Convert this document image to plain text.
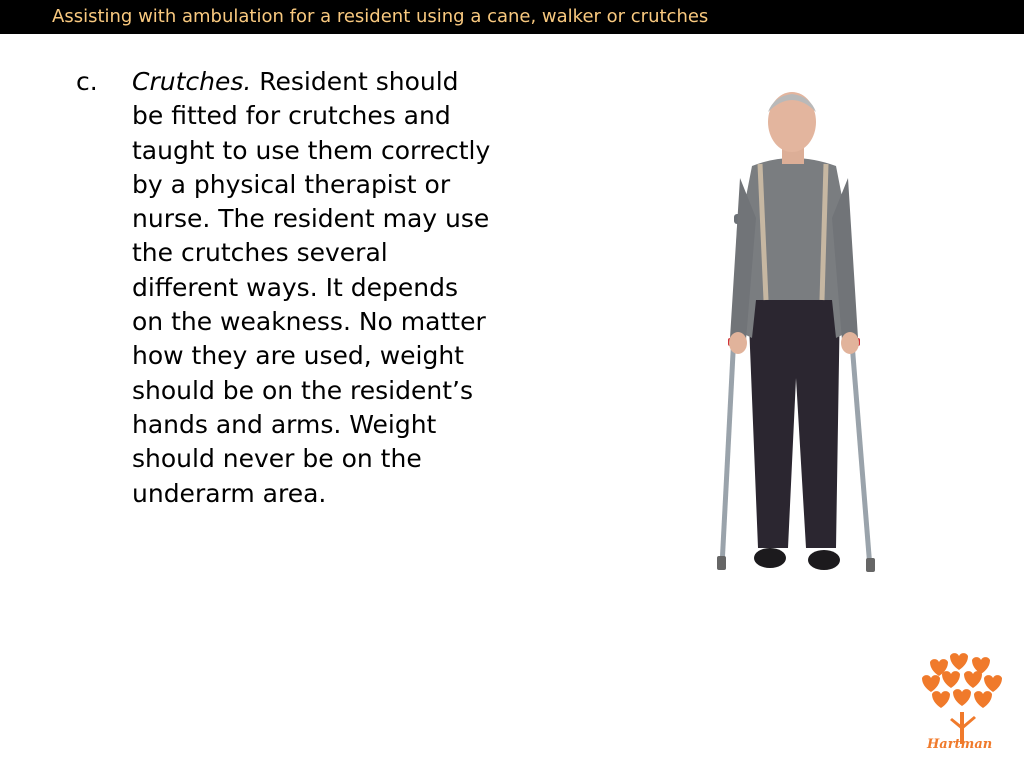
Assisting with ambulation for a resident using a cane, walker or crutches
c. Crutches. Resident should be fitted for crutches and taught to use them correctly by a physical therapist or nurse. The resident may use the crutches several different ways. It depends on the weakness. No matter how they are used, weight should be on the resident’s hands and arms. Weight should never be on the underarm area.

Hartman
